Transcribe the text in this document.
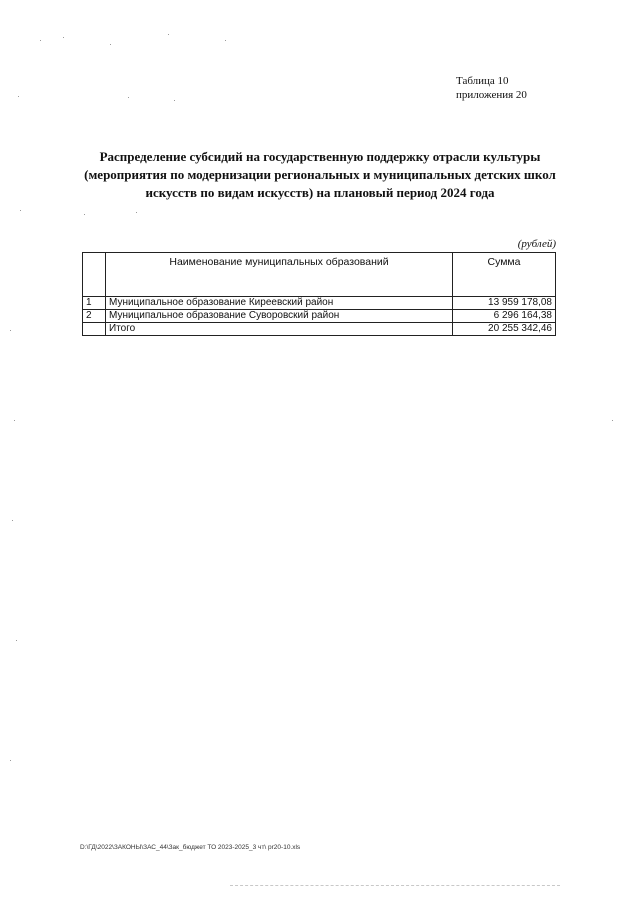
Таблица 10
приложения 20
Распределение субсидий на государственную поддержку отрасли культуры
(мероприятия по модернизации региональных и муниципальных детских школ
искусств по видам искусств) на плановый период 2024 года
(рублей)
	Наименование муниципальных образований	Сумма
1	Муниципальное образование Киреевский район	13 959 178,08
2	Муниципальное образование Суворовский район	6 296 164,38
	Итого	20 255 342,46
D:\ГД\2022\ЗАКОНЫ\ЗАС_44\Зак_бюджет ТО 2023-2025_3 чт\ pr20-10.xls
